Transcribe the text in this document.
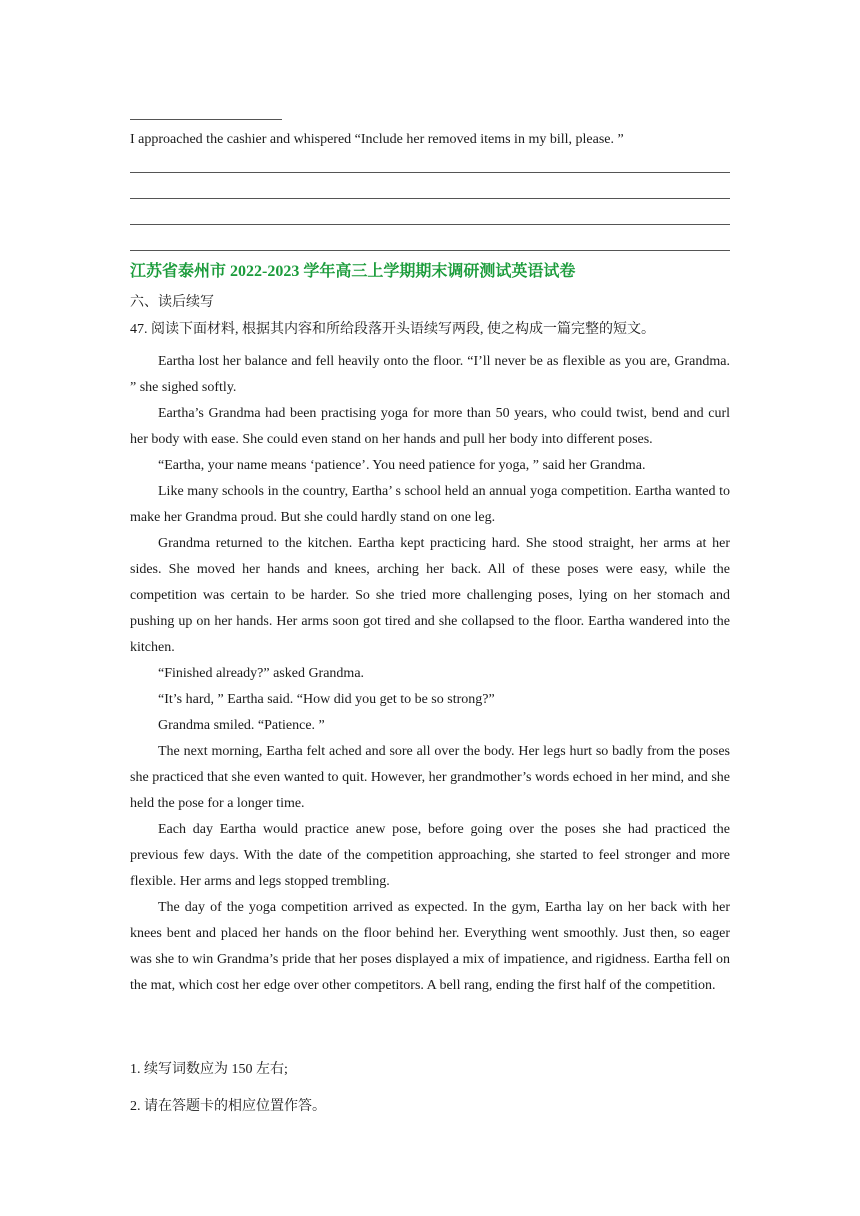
I approached the cashier and whispered “Include her removed items in my bill, please. ”
江苏省泰州市 2022-2023 学年高三上学期期末调研测试英语试卷
六、读后续写
47. 阅读下面材料, 根据其内容和所给段落开头语续写两段, 使之构成一篇完整的短文。

Eartha lost her balance and fell heavily onto the floor. “I’ll never be as flexible as you are, Grandma. ” she sighed softly.

Eartha’s Grandma had been practising yoga for more than 50 years, who could twist, bend and curl her body with ease. She could even stand on her hands and pull her body into different poses.

“Eartha, your name means ‘patience’. You need patience for yoga, ” said her Grandma.

Like many schools in the country, Eartha’ s school held an annual yoga competition. Eartha wanted to make her Grandma proud. But she could hardly stand on one leg.

Grandma returned to the kitchen. Eartha kept practicing hard. She stood straight, her arms at her sides. She moved her hands and knees, arching her back. All of these poses were easy, while the competition was certain to be harder. So she tried more challenging poses, lying on her stomach and pushing up on her hands. Her arms soon got tired and she collapsed to the floor. Eartha wandered into the kitchen.

“Finished already?” asked Grandma.

“It’s hard, ” Eartha said. “How did you get to be so strong?”

Grandma smiled. “Patience. ”

The next morning, Eartha felt ached and sore all over the body. Her legs hurt so badly from the poses she practiced that she even wanted to quit. However, her grandmother’s words echoed in her mind, and she held the pose for a longer time.

Each day Eartha would practice anew pose, before going over the poses she had practiced the previous few days. With the date of the competition approaching, she started to feel stronger and more flexible. Her arms and legs stopped trembling.

The day of the yoga competition arrived as expected. In the gym, Eartha lay on her back with her knees bent and placed her hands on the floor behind her. Everything went smoothly. Just then, so eager was she to win Grandma’s pride that her poses displayed a mix of impatience, and rigidness. Eartha fell on the mat, which cost her edge over other competitors. A bell rang, ending the first half of the competition.

1. 续写词数应为 150 左右;
2. 请在答题卡的相应位置作答。
